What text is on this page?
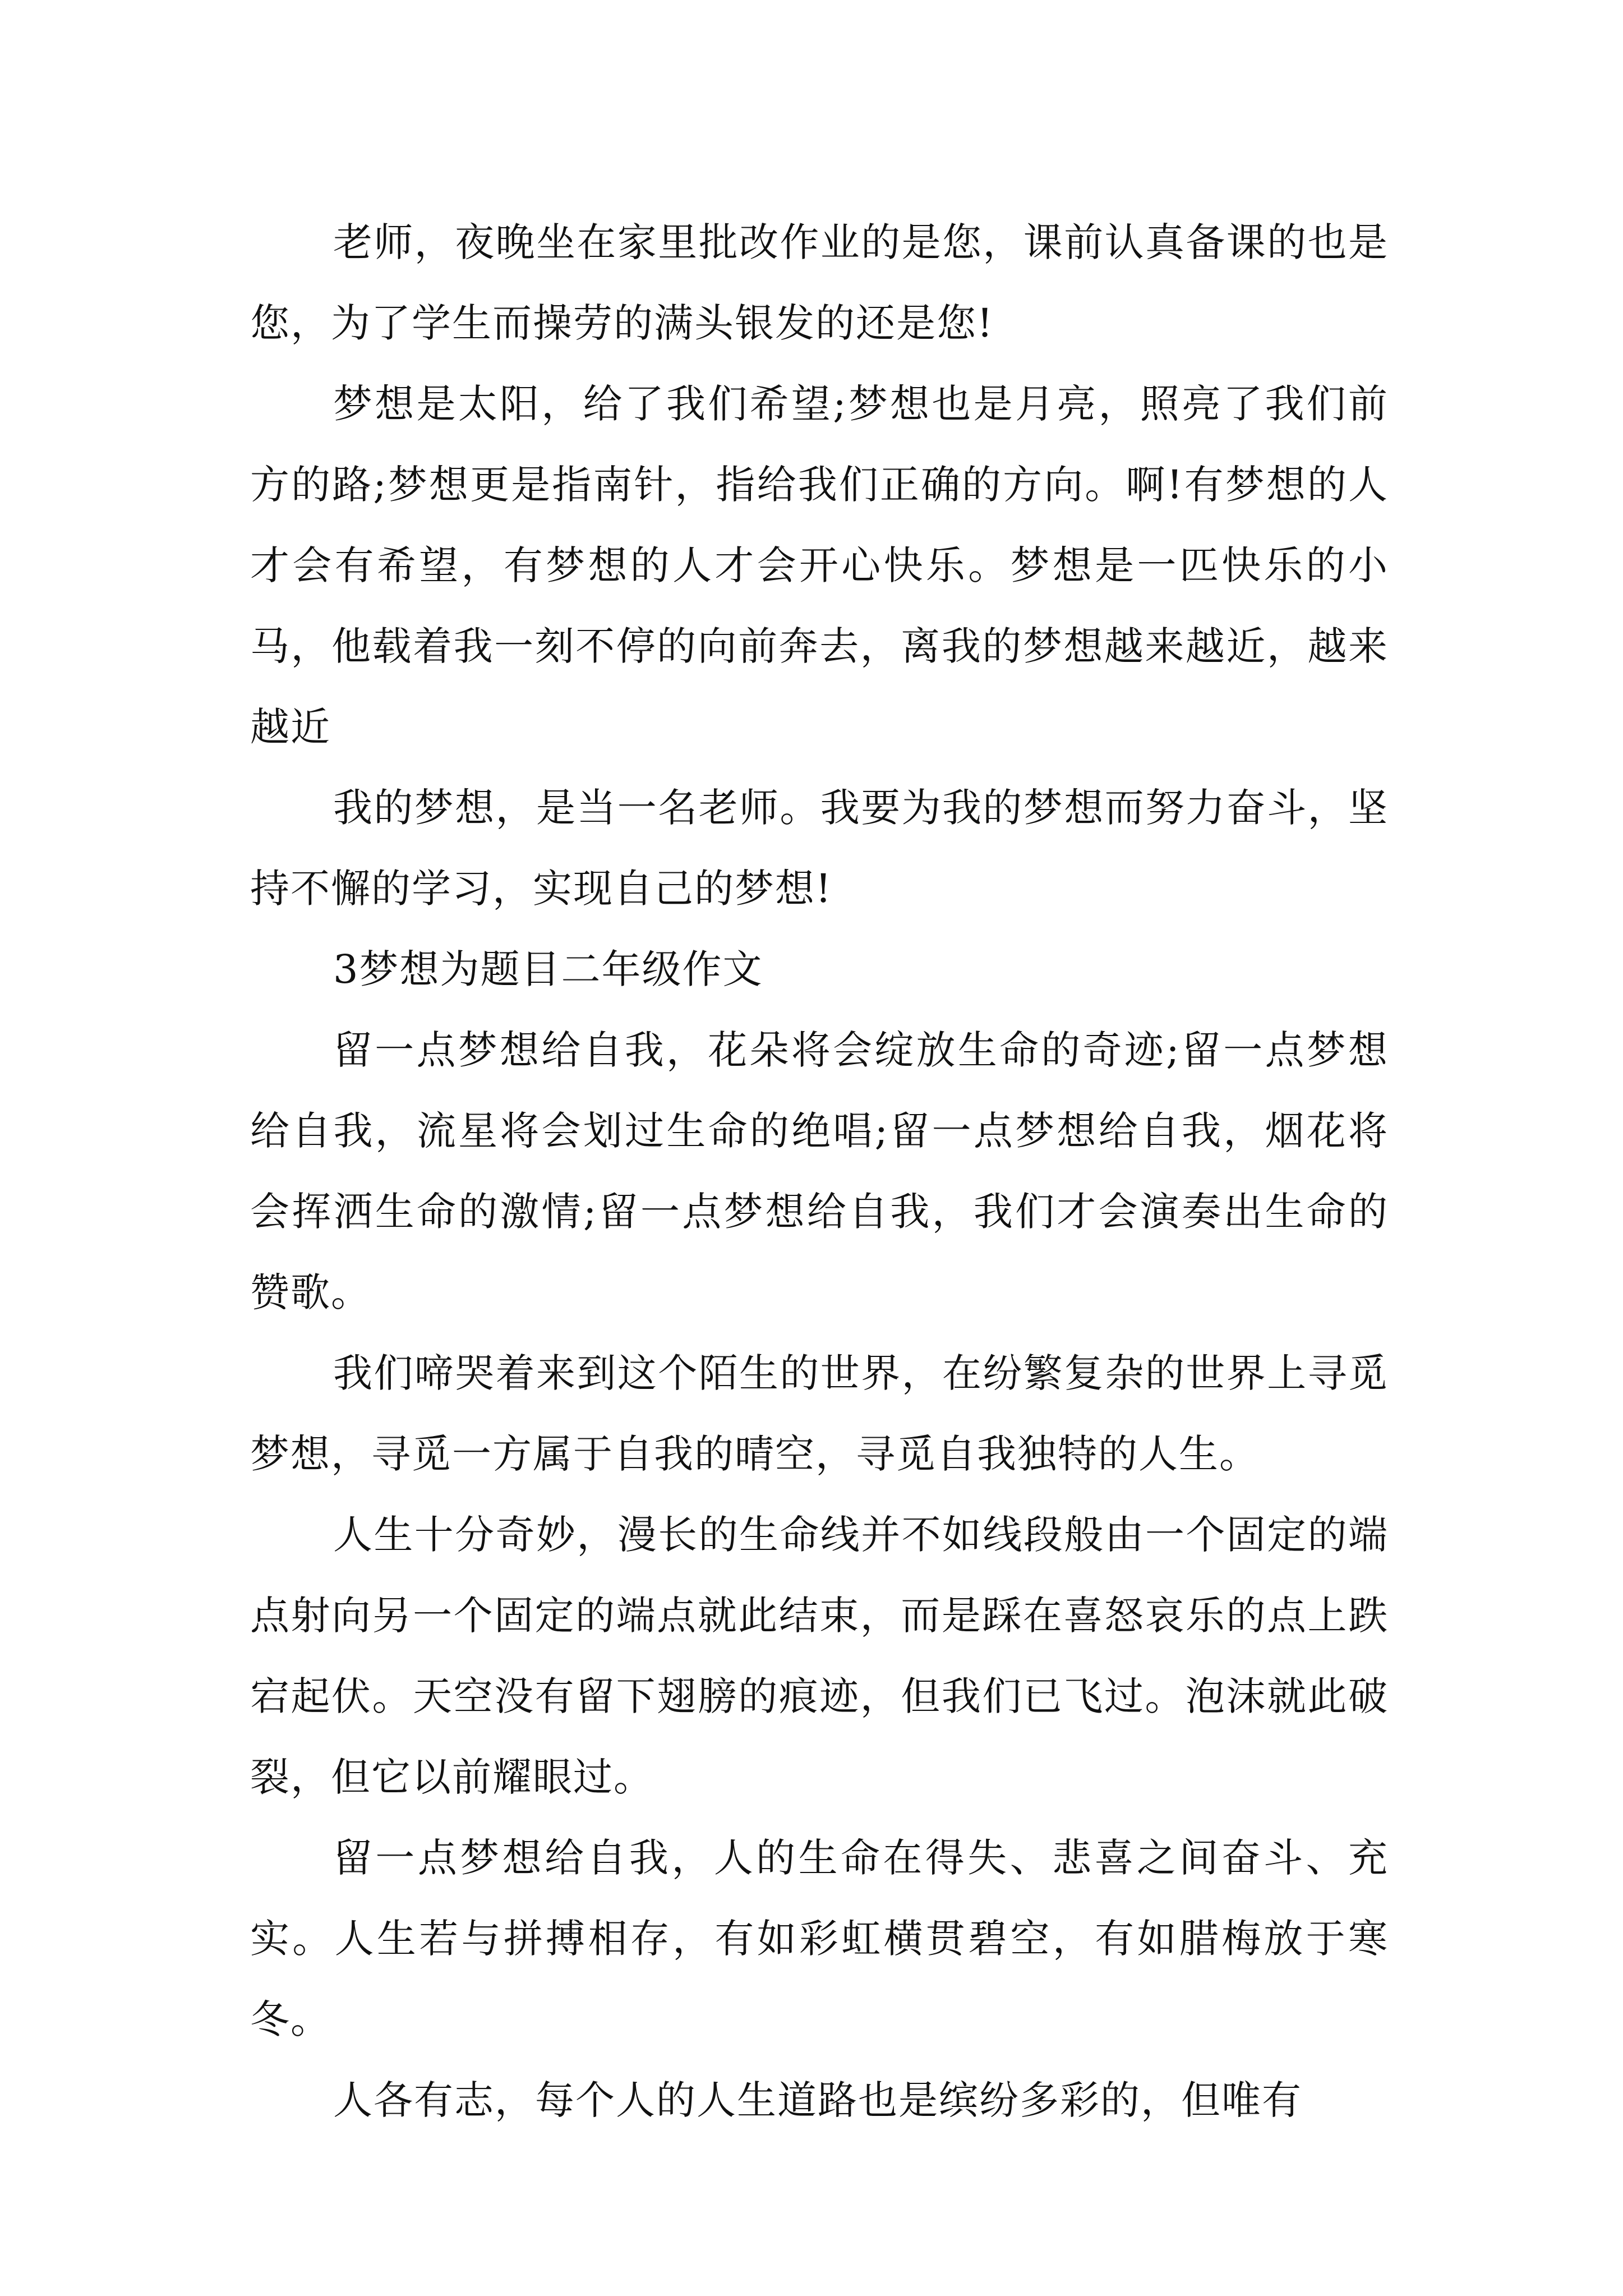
老师，夜晚坐在家里批改作业的是您，课前认真备课的也是您，为了学生而操劳的满头银发的还是您!

梦想是太阳，给了我们希望;梦想也是月亮，照亮了我们前方的路;梦想更是指南针，指给我们正确的方向。啊!有梦想的人才会有希望，有梦想的人才会开心快乐。梦想是一匹快乐的小马，他载着我一刻不停的向前奔去，离我的梦想越来越近，越来越近

我的梦想，是当一名老师。我要为我的梦想而努力奋斗，坚持不懈的学习，实现自己的梦想!

3梦想为题目二年级作文

留一点梦想给自我，花朵将会绽放生命的奇迹;留一点梦想给自我，流星将会划过生命的绝唱;留一点梦想给自我，烟花将会挥洒生命的激情;留一点梦想给自我，我们才会演奏出生命的赞歌。

我们啼哭着来到这个陌生的世界，在纷繁复杂的世界上寻觅梦想，寻觅一方属于自我的晴空，寻觅自我独特的人生。

人生十分奇妙，漫长的生命线并不如线段般由一个固定的端点射向另一个固定的端点就此结束，而是踩在喜怒哀乐的点上跌宕起伏。天空没有留下翅膀的痕迹，但我们已飞过。泡沫就此破裂，但它以前耀眼过。

留一点梦想给自我，人的生命在得失、悲喜之间奋斗、充实。人生若与拼搏相存，有如彩虹横贯碧空，有如腊梅放于寒冬。

人各有志，每个人的人生道路也是缤纷多彩的，但唯有
